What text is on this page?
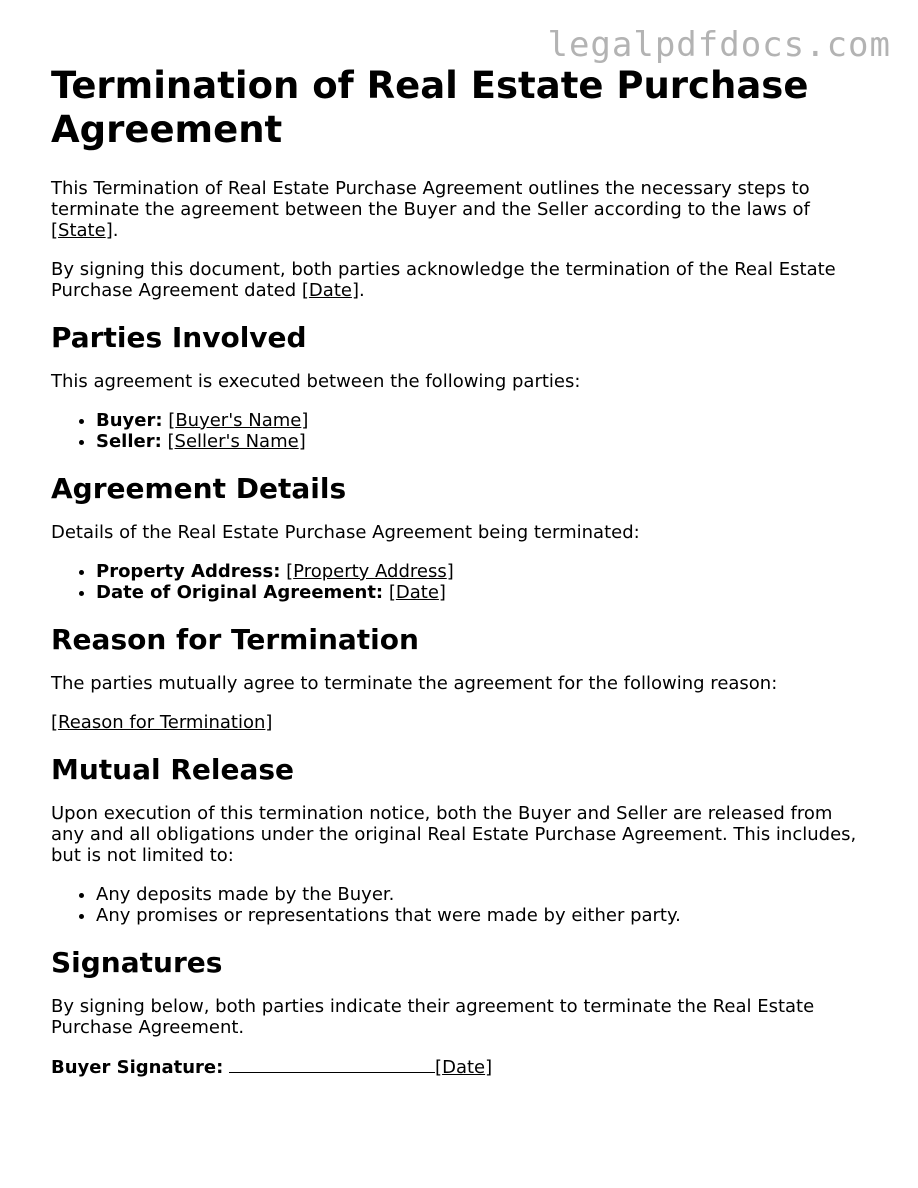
legalpdfdocs.com
Termination of Real Estate Purchase Agreement

This Termination of Real Estate Purchase Agreement outlines the necessary steps to terminate the agreement between the Buyer and the Seller according to the laws of [State].

By signing this document, both parties acknowledge the termination of the Real Estate Purchase Agreement dated [Date].

Parties Involved

This agreement is executed between the following parties:

• Buyer: [Buyer's Name]
• Seller: [Seller's Name]
Agreement Details

Details of the Real Estate Purchase Agreement being terminated:

• Property Address: [Property Address]
• Date of Original Agreement: [Date]
Reason for Termination

The parties mutually agree to terminate the agreement for the following reason:

[Reason for Termination]

Mutual Release

Upon execution of this termination notice, both the Buyer and Seller are released from any and all obligations under the original Real Estate Purchase Agreement. This includes, but is not limited to:

• Any deposits made by the Buyer.
• Any promises or representations that were made by either party.
Signatures

By signing below, both parties indicate their agreement to terminate the Real Estate Purchase Agreement.

Buyer Signature:	[Date]
